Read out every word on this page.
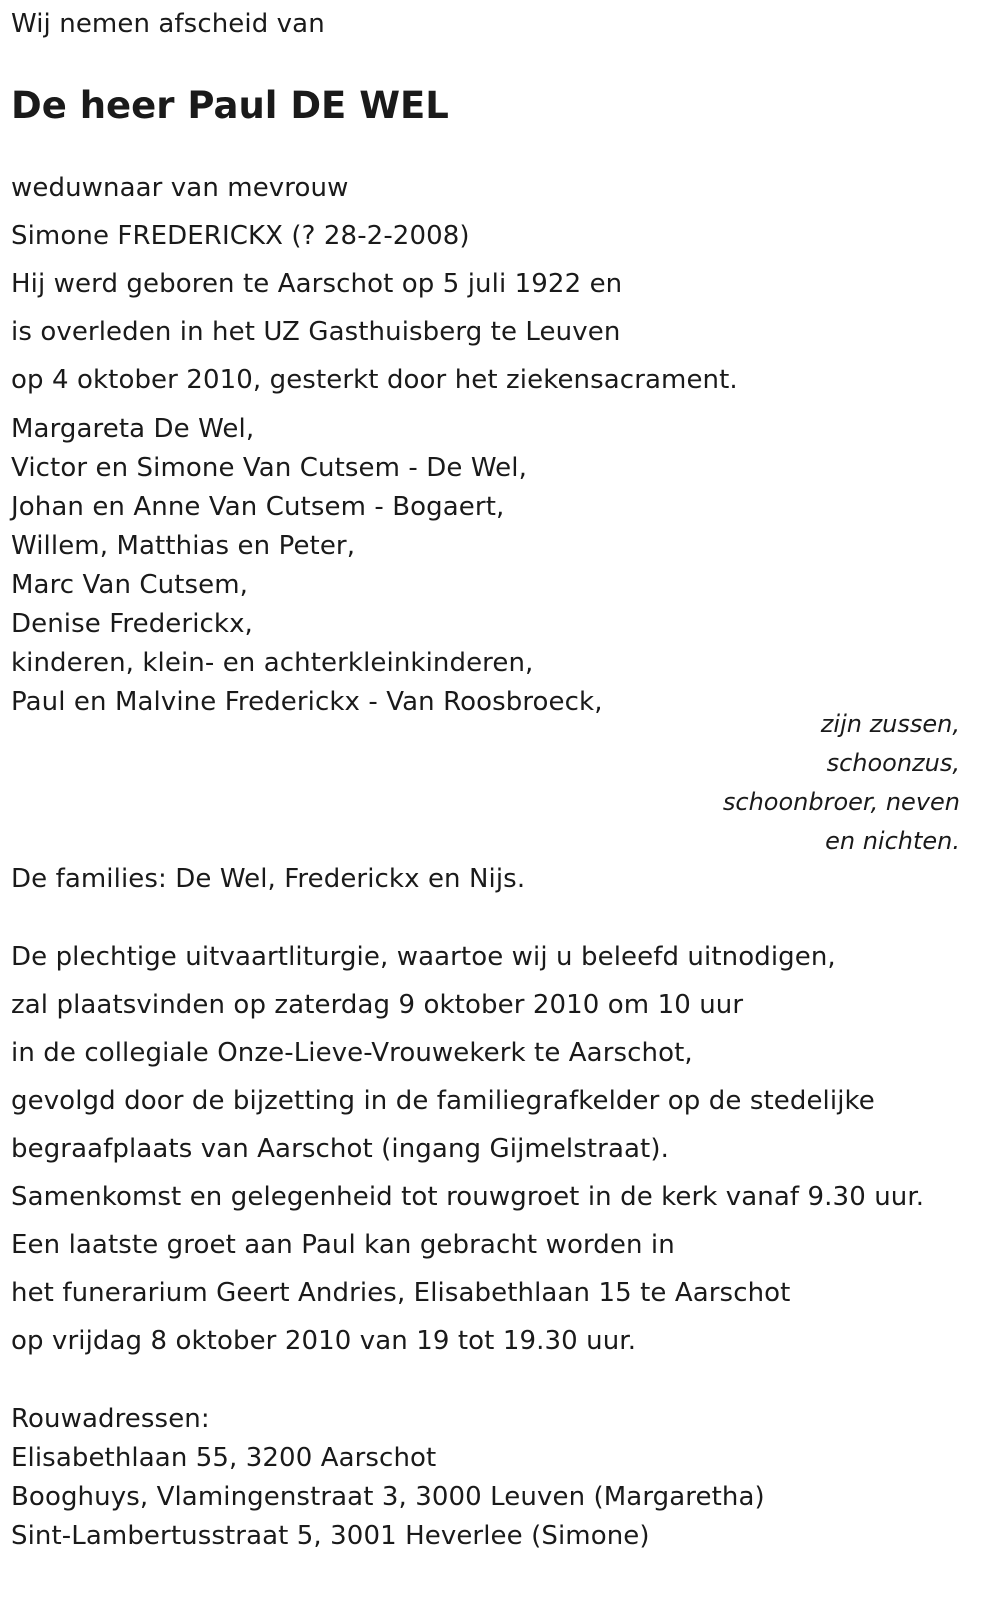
Wij nemen afscheid van
De heer Paul DE WEL
weduwnaar van mevrouw
Simone FREDERICKX (? 28-2-2008)
Hij werd geboren te Aarschot op 5 juli 1922 en
is overleden in het UZ Gasthuisberg te Leuven
op 4 oktober 2010, gesterkt door het ziekensacrament.
Margareta De Wel,
Victor en Simone Van Cutsem - De Wel,
Johan en Anne Van Cutsem - Bogaert,
Willem, Matthias en Peter,
Marc Van Cutsem,
Denise Frederickx,
kinderen, klein- en achterkleinkinderen,
Paul en Malvine Frederickx - Van Roosbroeck,
zijn zussen,
schoonzus,
schoonbroer, neven
en nichten.
De families: De Wel, Frederickx en Nijs.
De plechtige uitvaartliturgie, waartoe wij u beleefd uitnodigen,
zal plaatsvinden op zaterdag 9 oktober 2010 om 10 uur
in de collegiale Onze-Lieve-Vrouwekerk te Aarschot,
gevolgd door de bijzetting in de familiegrafkelder op de stedelijke
begraafplaats van Aarschot (ingang Gijmelstraat).
Samenkomst en gelegenheid tot rouwgroet in de kerk vanaf 9.30 uur.
Een laatste groet aan Paul kan gebracht worden in
het funerarium Geert Andries, Elisabethlaan 15 te Aarschot
op vrijdag 8 oktober 2010 van 19 tot 19.30 uur.
Rouwadressen:
Elisabethlaan 55, 3200 Aarschot
Booghuys, Vlamingenstraat 3, 3000 Leuven (Margaretha)
Sint-Lambertusstraat 5, 3001 Heverlee (Simone)
